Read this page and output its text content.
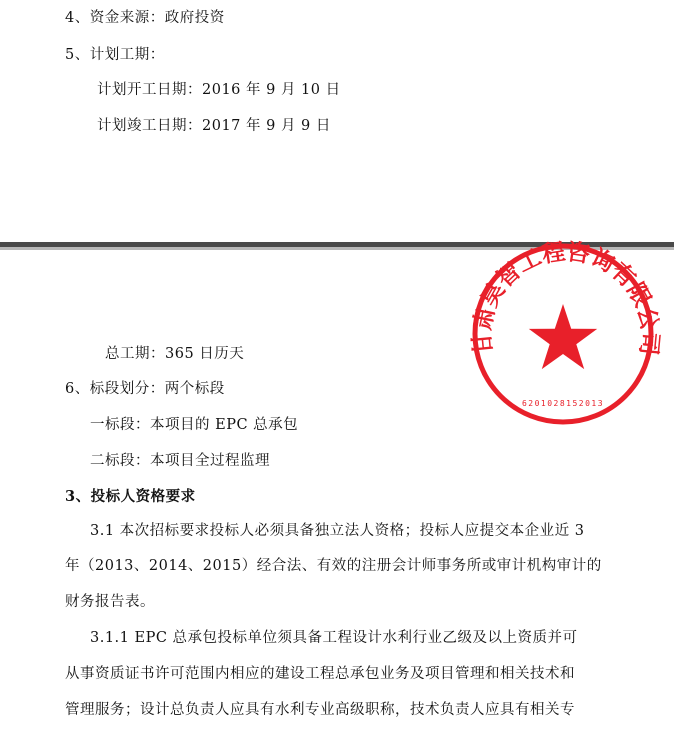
4、资金来源：政府投资
5、计划工期：
计划开工日期：2016 年 9 月 10 日
计划竣工日期：2017 年 9 月 9 日
甘肃昊智工程咨询有限公司
6201028152013
总工期：365 日历天
6、标段划分：两个标段
一标段：本项目的 EPC 总承包
二标段：本项目全过程监理
3、投标人资格要求
3.1 本次招标要求投标人必须具备独立法人资格；投标人应提交本企业近 3
年（2013、2014、2015）经合法、有效的注册会计师事务所或审计机构审计的
财务报告表。
3.1.1 EPC 总承包投标单位须具备工程设计水利行业乙级及以上资质并可
从事资质证书许可范围内相应的建设工程总承包业务及项目管理和相关技术和
管理服务；设计总负责人应具有水利专业高级职称，技术负责人应具有相关专
